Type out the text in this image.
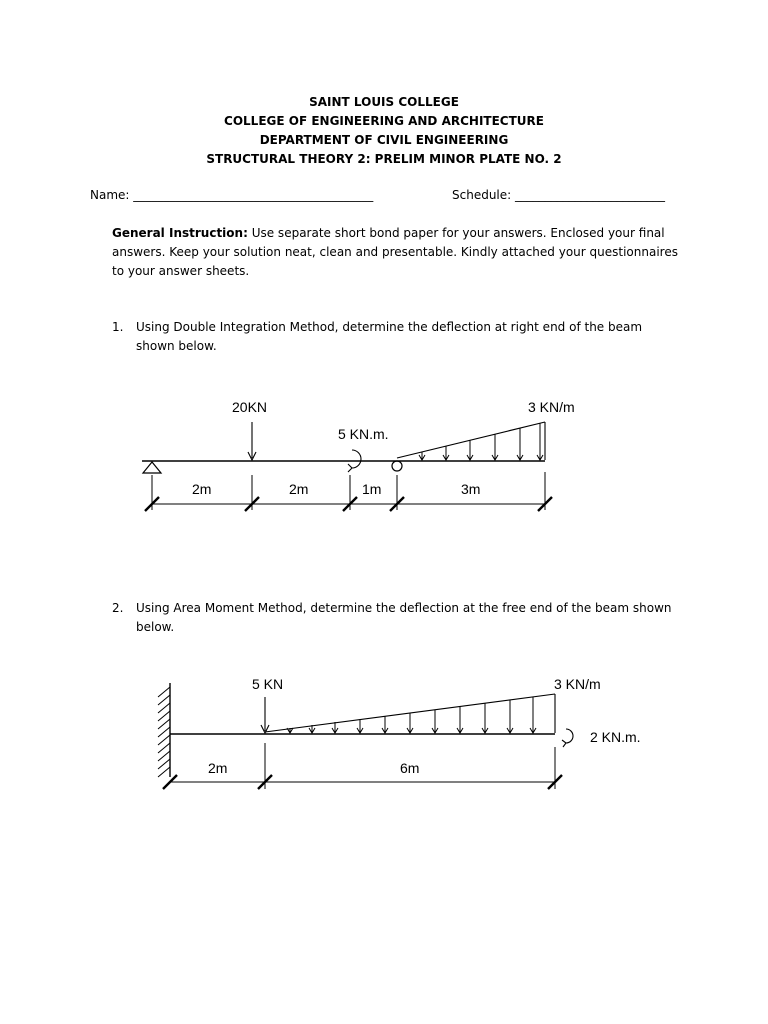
SAINT LOUIS COLLEGE
COLLEGE OF ENGINEERING AND ARCHITECTURE
DEPARTMENT OF CIVIL ENGINEERING
STRUCTURAL THEORY 2: PRELIM MINOR PLATE NO. 2
Name: ________________________________________	Schedule: _________________________
General Instruction: Use separate short bond paper for your answers. Enclosed your final answers. Keep your solution neat, clean and presentable. Kindly attached your questionnaires to your answer sheets.
1. Using Double Integration Method, determine the deflection at right end of the beam shown below.
20KN
5 KN.m.
3 KN/m
2m	2m	1m	3m
2. Using Area Moment Method, determine the deflection at the free end of the beam shown below.
5 KN	3 KN/m
2 KN.m.
2m	6m
